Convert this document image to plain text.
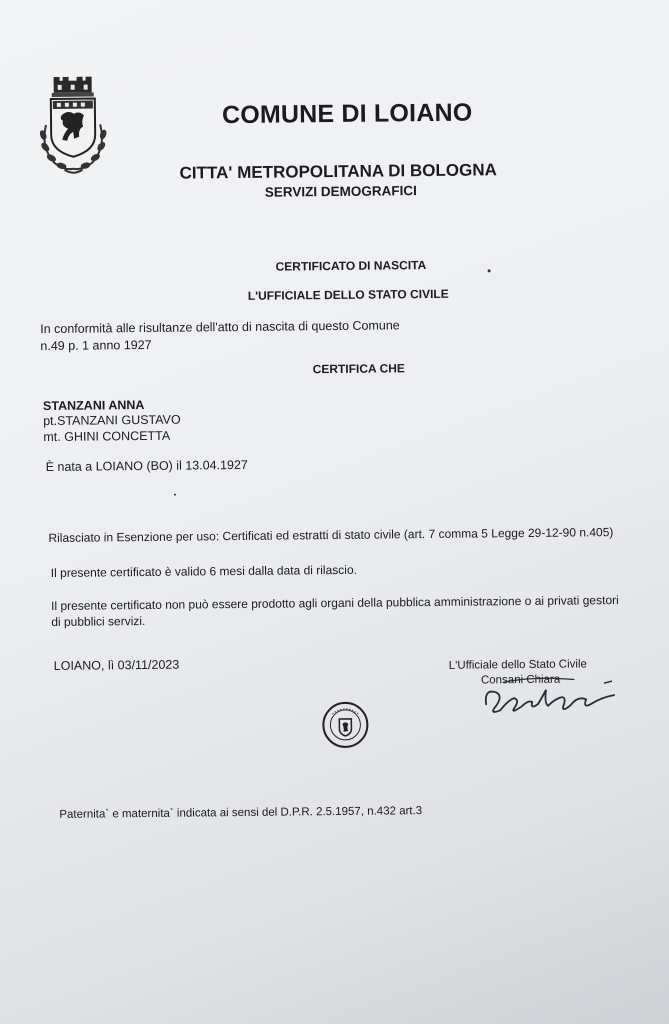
COMUNE DI LOIANO
CITTA' METROPOLITANA DI BOLOGNA
SERVIZI DEMOGRAFICI
CERTIFICATO DI NASCITA
L'UFFICIALE DELLO STATO CIVILE
In conformità alle risultanze dell'atto di nascita di questo Comune
n.49 p. 1 anno 1927
CERTIFICA CHE
STANZANI ANNA
pt.STANZANI GUSTAVO
mt. GHINI CONCETTA
È nata a LOIANO (BO) il 13.04.1927
Rilasciato in Esenzione per uso: Certificati ed estratti di stato civile (art. 7 comma 5 Legge 29-12-90 n.405)
Il presente certificato è valido 6 mesi dalla data di rilascio.
Il presente certificato non può essere prodotto agli organi della pubblica amministrazione o ai privati gestori
di pubblici servizi.
LOIANO, lì 03/11/2023	L'Ufficiale dello Stato Civile
Consani Chiara
Paternita` e maternita` indicata ai sensi del D.P.R. 2.5.1957, n.432 art.3
